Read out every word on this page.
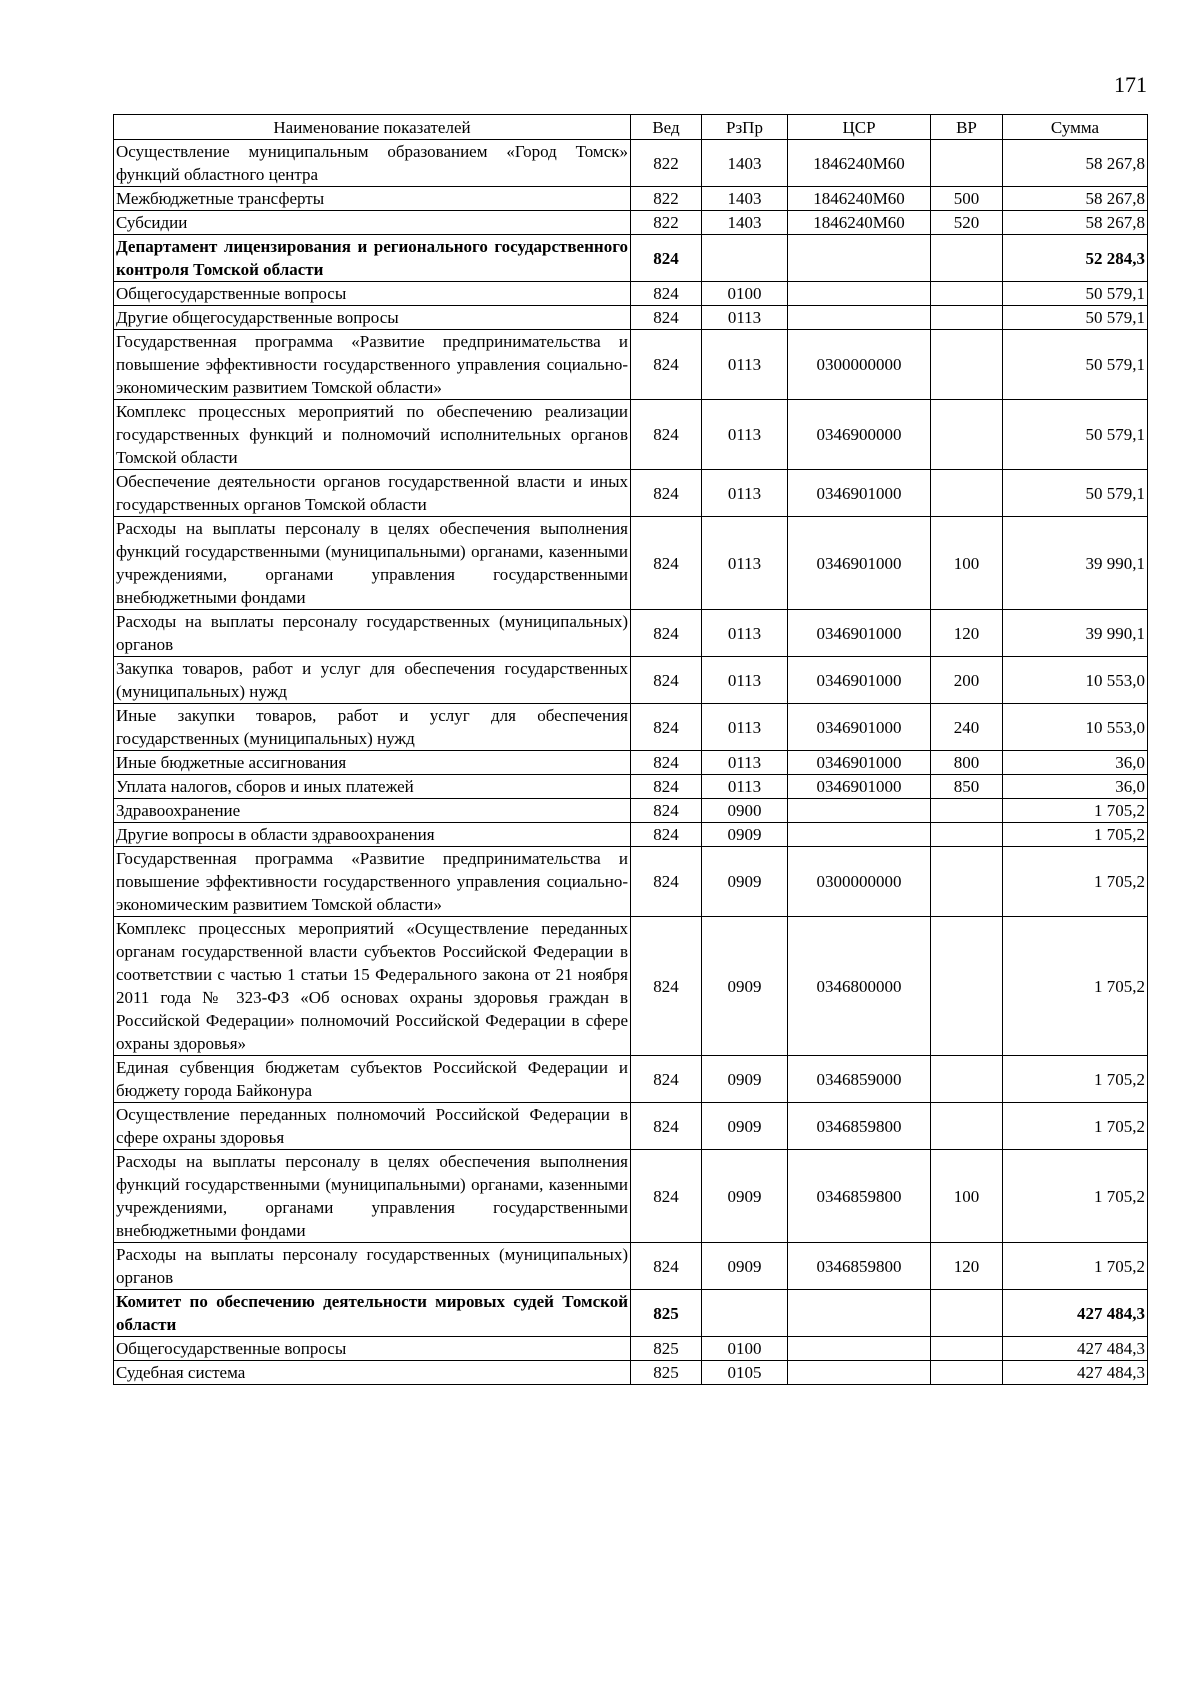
171
Наименование показателей	Вед	РзПр	ЦСР	ВР	Сумма
Осуществление муниципальным образованием «Город Томск» функций областного центра	822	1403	1846240М60		58 267,8
Межбюджетные трансферты	822	1403	1846240М60	500	58 267,8
Субсидии	822	1403	1846240М60	520	58 267,8
Департамент лицензирования и регионального государственного контроля Томской области	824				52 284,3
Общегосударственные вопросы	824	0100			50 579,1
Другие общегосударственные вопросы	824	0113			50 579,1
Государственная программа «Развитие предпринимательства и повышение эффективности государственного управления социально-экономическим развитием Томской области»	824	0113	0300000000		50 579,1
Комплекс процессных мероприятий по обеспечению реализации государственных функций и полномочий исполнительных органов Томской области	824	0113	0346900000		50 579,1
Обеспечение деятельности органов государственной власти и иных государственных органов Томской области	824	0113	0346901000		50 579,1
Расходы на выплаты персоналу в целях обеспечения выполнения функций государственными (муниципальными) органами, казенными учреждениями, органами управления государственными внебюджетными фондами	824	0113	0346901000	100	39 990,1
Расходы на выплаты персоналу государственных (муниципальных) органов	824	0113	0346901000	120	39 990,1
Закупка товаров, работ и услуг для обеспечения государственных (муниципальных) нужд	824	0113	0346901000	200	10 553,0
Иные закупки товаров, работ и услуг для обеспечения государственных (муниципальных) нужд	824	0113	0346901000	240	10 553,0
Иные бюджетные ассигнования	824	0113	0346901000	800	36,0
Уплата налогов, сборов и иных платежей	824	0113	0346901000	850	36,0
Здравоохранение	824	0900			1 705,2
Другие вопросы в области здравоохранения	824	0909			1 705,2
Государственная программа «Развитие предпринимательства и повышение эффективности государственного управления социально-экономическим развитием Томской области»	824	0909	0300000000		1 705,2
Комплекс процессных мероприятий «Осуществление переданных органам государственной власти субъектов Российской Федерации в соответствии с частью 1 статьи 15 Федерального закона от 21 ноября 2011 года № 323-ФЗ «Об основах охраны здоровья граждан в Российской Федерации» полномочий Российской Федерации в сфере охраны здоровья»	824	0909	0346800000		1 705,2
Единая субвенция бюджетам субъектов Российской Федерации и бюджету города Байконура	824	0909	0346859000		1 705,2
Осуществление переданных полномочий Российской Федерации в сфере охраны здоровья	824	0909	0346859800		1 705,2
Расходы на выплаты персоналу в целях обеспечения выполнения функций государственными (муниципальными) органами, казенными учреждениями, органами управления государственными внебюджетными фондами	824	0909	0346859800	100	1 705,2
Расходы на выплаты персоналу государственных (муниципальных) органов	824	0909	0346859800	120	1 705,2
Комитет по обеспечению деятельности мировых судей Томской области	825				427 484,3
Общегосударственные вопросы	825	0100			427 484,3
Судебная система	825	0105			427 484,3
